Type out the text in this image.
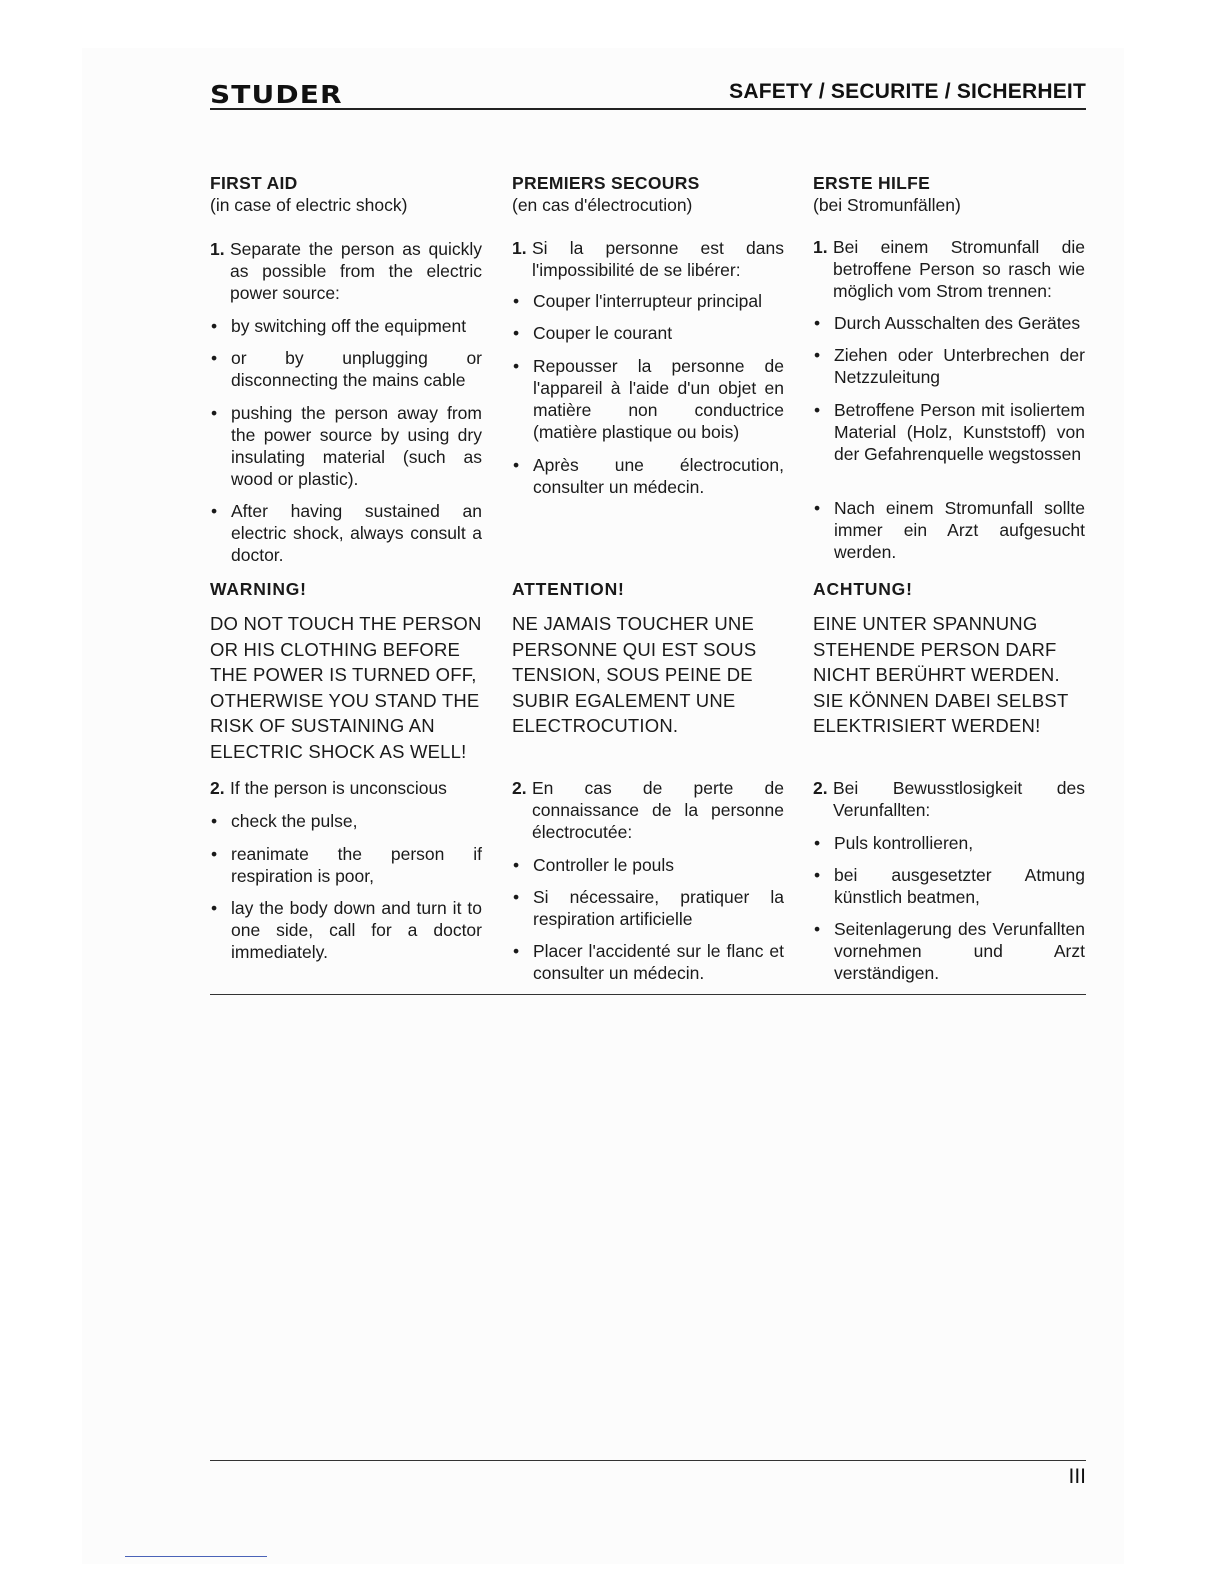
STUDER	SAFETY / SECURITE / SICHERHEIT
FIRST AID
(in case of electric shock)
1. Separate the person as quickly as possible from the electric power source:
• by switching off the equipment
• or by unplugging or disconnecting the mains cable
• pushing the person away from the power source by using dry insulating material (such as wood or plastic).
• After having sustained an electric shock, always consult a doctor.
WARNING!
DO NOT TOUCH THE PERSON OR HIS CLOTHING BEFORE THE POWER IS TURNED OFF, OTHERWISE YOU STAND THE RISK OF SUSTAINING AN ELECTRIC SHOCK AS WELL!
2. If the person is unconscious
• check the pulse,
• reanimate the person if respiration is poor,
• lay the body down and turn it to one side, call for a doctor immediately.
PREMIERS SECOURS
(en cas d'électrocution)
1. Si la personne est dans l'impossibilité de se libérer:
• Couper l'interrupteur principal
• Couper le courant
• Repousser la personne de l'appareil à l'aide d'un objet en matière non conductrice (matière plastique ou bois)
• Après une électrocution, consulter un médecin.
ATTENTION!
NE JAMAIS TOUCHER UNE PERSONNE QUI EST SOUS TENSION, SOUS PEINE DE SUBIR EGALEMENT UNE ELECTROCUTION.
2. En cas de perte de connaissance de la personne électrocutée:
• Controller le pouls
• Si nécessaire, pratiquer la respiration artificielle
• Placer l'accidenté sur le flanc et consulter un médecin.
ERSTE HILFE
(bei Stromunfällen)
1. Bei einem Stromunfall die betroffene Person so rasch wie möglich vom Strom trennen:
• Durch Ausschalten des Gerätes
• Ziehen oder Unterbrechen der Netzzuleitung
• Betroffene Person mit isoliertem Material (Holz, Kunststoff) von der Gefahrenquelle wegstossen
• Nach einem Stromunfall sollte immer ein Arzt aufgesucht werden.
ACHTUNG!
EINE UNTER SPANNUNG STEHENDE PERSON DARF NICHT BERÜHRT WERDEN. SIE KÖNNEN DABEI SELBST ELEKTRISIERT WERDEN!
2. Bei Bewusstlosigkeit des Verunfallten:
• Puls kontrollieren,
• bei ausgesetzter Atmung künstlich beatmen,
• Seitenlagerung des Verunfallten vornehmen und Arzt verständigen.
III
